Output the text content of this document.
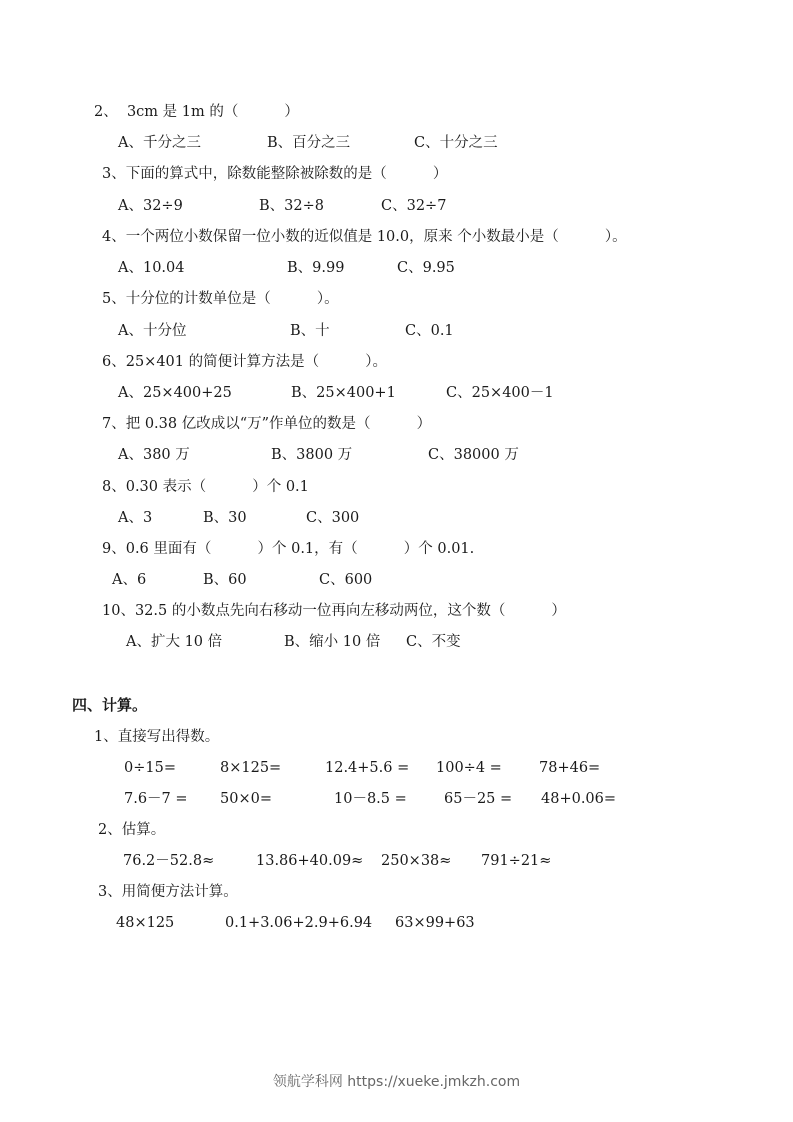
2、  3cm 是 1m 的（          ）
A、千分之三	B、百分之三	C、十分之三
3、下面的算式中，除数能整除被除数的是（          ）
A、32÷9	B、32÷8	C、32÷7
4、一个两位小数保留一位小数的近似值是 10.0，原来 个小数最小是（          ）。
A、10.04	B、9.99	C、9.95
5、十分位的计数单位是（          ）。
A、十分位	B、十	C、0.1
6、25×401 的简便计算方法是（          ）。
A、25×400+25	B、25×400+1	C、25×400－1
7、把 0.38 亿改成以“万”作单位的数是（          ）
A、380 万	B、3800 万	C、38000 万
8、0.30 表示（          ）个 0.1
A、3	B、30	C、300
9、0.6 里面有（          ）个 0.1，有（          ）个 0.01.
A、6	B、60	C、600
10、32.5 的小数点先向右移动一位再向左移动两位，这个数（          ）
A、扩大 10 倍	B、缩小 10 倍 C、不变
四、计算。
1、直接写出得数。
0÷15=	8×125=	12.4+5.6 = 100÷4 =	78+46=
7.6－7 = 50×0=	10－8.5 =	65－25 = 48+0.06=
2、估算。
76.2－52.8≈	13.86+40.09≈ 250×38≈ 791÷21≈
3、用简便方法计算。
48×125	0.1+3.06+2.9+6.94 63×99+63
领航学科网 https://xueke.jmkzh.com
